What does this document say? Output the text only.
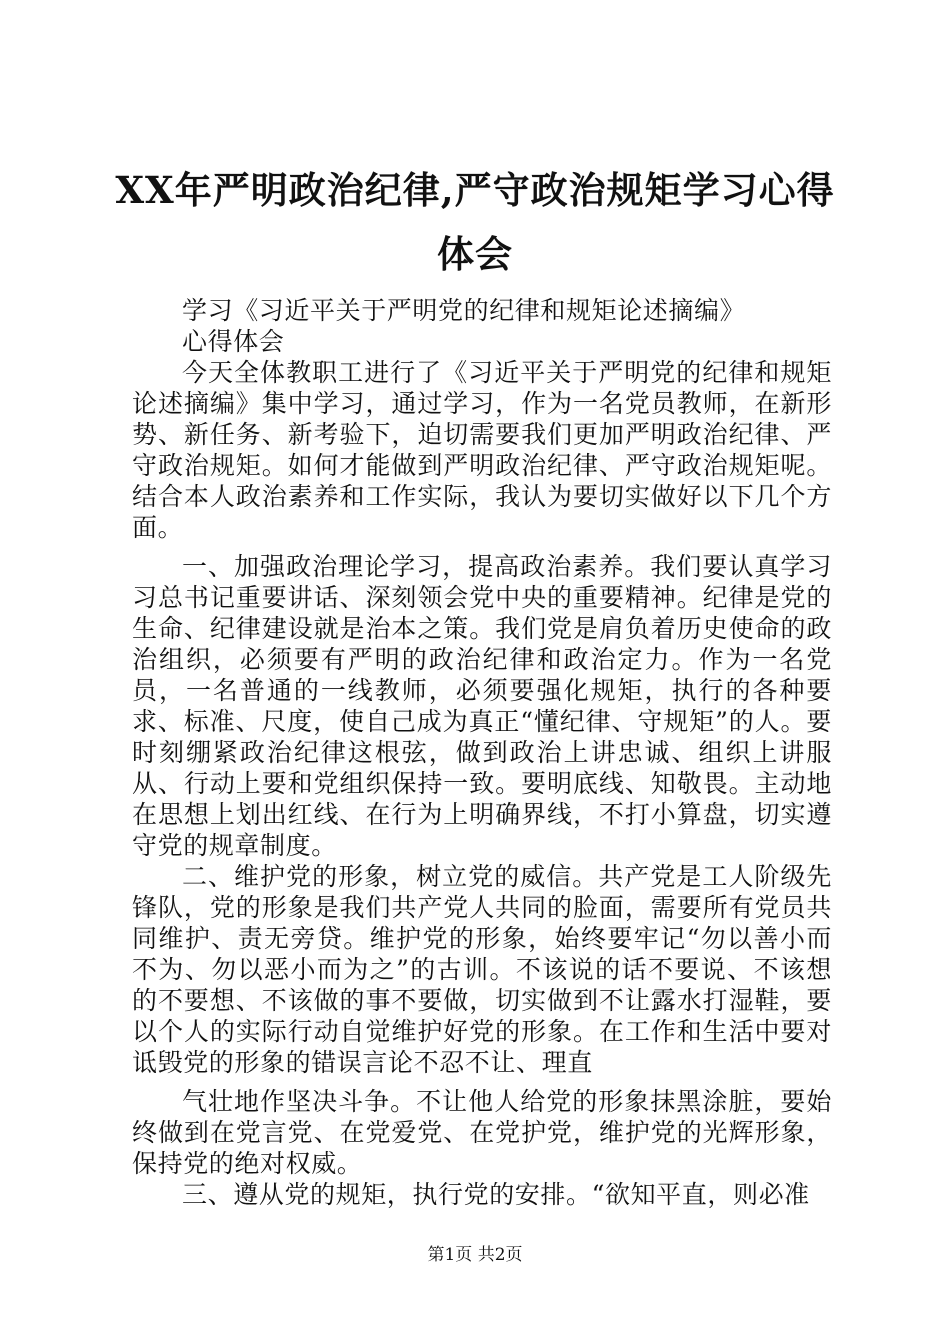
XX年严明政治纪律,严守政治规矩学习心得体会

学习《习近平关于严明党的纪律和规矩论述摘编》

心得体会

今天全体教职工进行了《习近平关于严明党的纪律和规矩论述摘编》集中学习，通过学习，作为一名党员教师，在新形势、新任务、新考验下，迫切需要我们更加严明政治纪律、严守政治规矩。如何才能做到严明政治纪律、严守政治规矩呢。结合本人政治素养和工作实际，我认为要切实做好以下几个方面。

一、加强政治理论学习，提高政治素养。我们要认真学习习总书记重要讲话、深刻领会党中央的重要精神。纪律是党的生命、纪律建设就是治本之策。我们党是肩负着历史使命的政治组织，必须要有严明的政治纪律和政治定力。作为一名党员，一名普通的一线教师，必须要强化规矩，执行的各种要求、标准、尺度，使自己成为真正“懂纪律、守规矩”的人。要时刻绷紧政治纪律这根弦，做到政治上讲忠诚、组织上讲服从、行动上要和党组织保持一致。要明底线、知敬畏。主动地在思想上划出红线、在行为上明确界线，不打小算盘，切实遵守党的规章制度。

二、维护党的形象，树立党的威信。共产党是工人阶级先锋队，党的形象是我们共产党人共同的脸面，需要所有党员共同维护、责无旁贷。维护党的形象，始终要牢记“勿以善小而不为、勿以恶小而为之”的古训。不该说的话不要说、不该想的不要想、不该做的事不要做，切实做到不让露水打湿鞋，要以个人的实际行动自觉维护好党的形象。在工作和生活中要对诋毁党的形象的错误言论不忍不让、理直

气壮地作坚决斗争。不让他人给党的形象抹黑涂脏，要始终做到在党言党、在党爱党、在党护党，维护党的光辉形象，保持党的绝对权威。

三、遵从党的规矩，执行党的安排。“欲知平直，则必准

第1页 共2页
